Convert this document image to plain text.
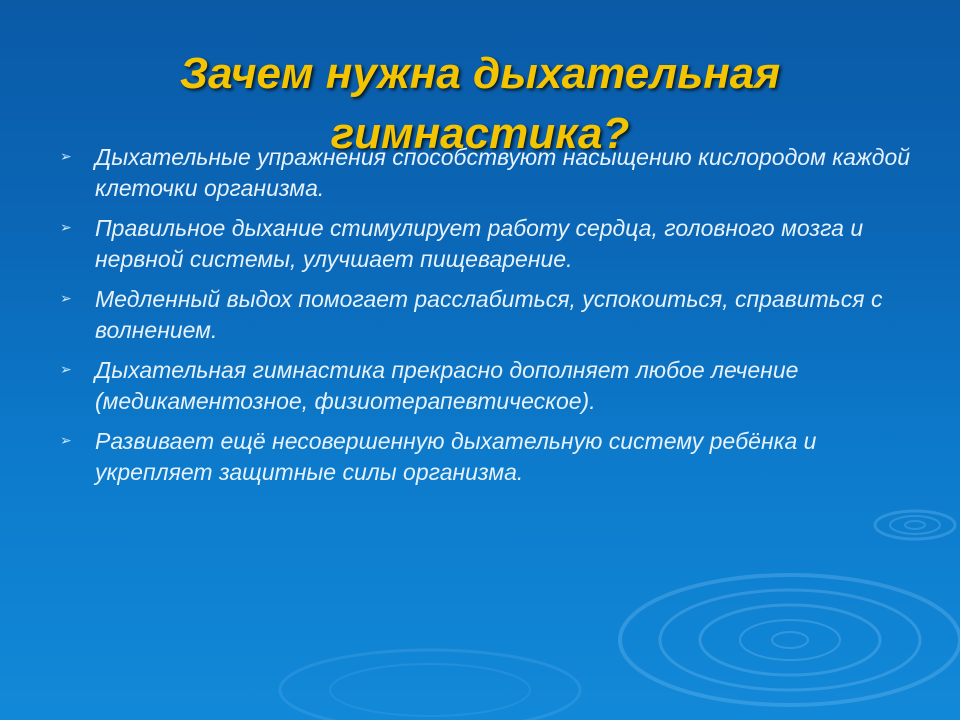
Зачем нужна дыхательная гимнастика?
➢ Дыхательные упражнения способствуют насыщению кислородом каждой клеточки организма.
➢ Правильное дыхание стимулирует работу сердца, головного мозга и нервной системы, улучшает пищеварение.
➢ Медленный выдох помогает расслабиться, успокоиться, справиться с волнением.
➢ Дыхательная гимнастика прекрасно дополняет любое лечение (медикаментозное, физиотерапевтическое).
➢ Развивает ещё несовершенную дыхательную систему ребёнка и укрепляет защитные силы организма.
